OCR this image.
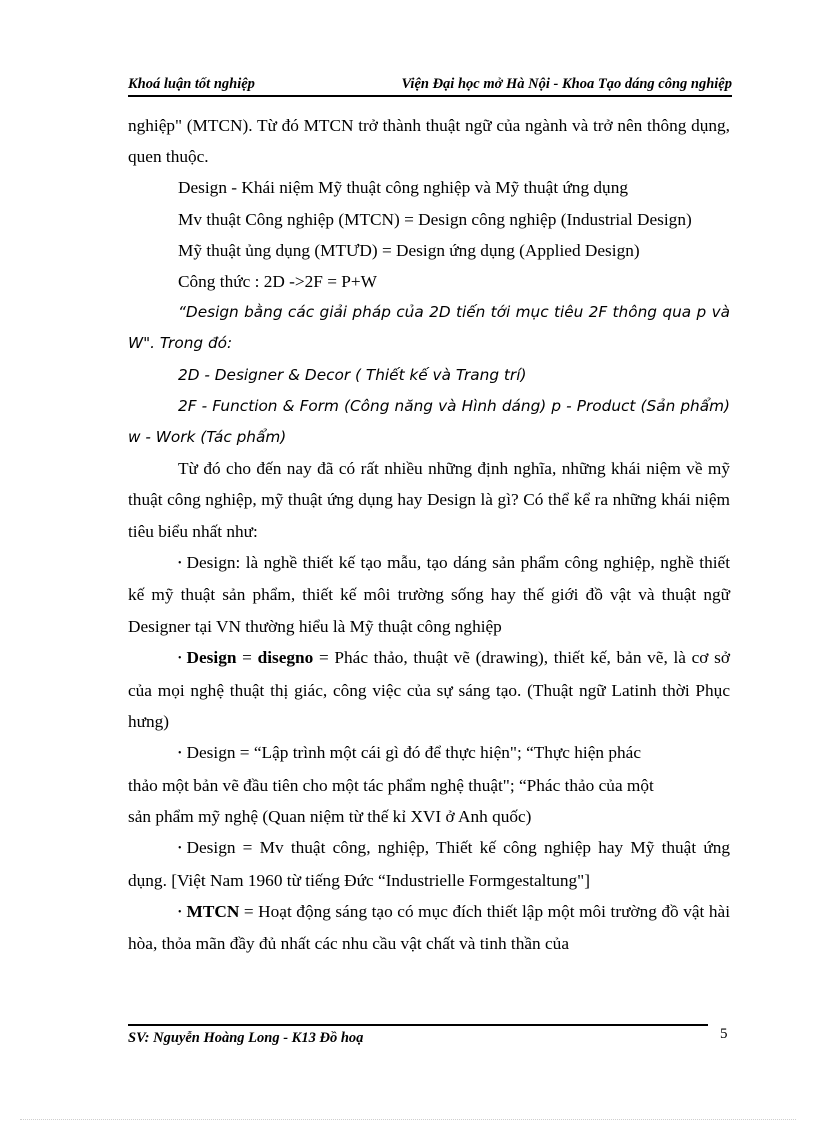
Khoá luận tốt nghiệp	Viện Đại học mở Hà Nội - Khoa Tạo dáng công nghiệp

nghiệp" (MTCN). Từ đó MTCN trở thành thuật ngữ của ngành và trở nên thông dụng, quen thuộc.

Design - Khái niệm Mỹ thuật công nghiệp và Mỹ thuật ứng dụng

Mv thuật Công nghiệp (MTCN) = Design công nghiệp (Industrial Design)

Mỹ thuật ủng dụng (MTƯD) = Design ứng dụng (Applied Design)

Công thức : 2D ->2F = P+W

“Design bằng các giải pháp của 2D tiến tới mục tiêu 2F thông qua p và W". Trong đó:

2D - Designer & Decor ( Thiết kế và Trang trí)

2F - Function & Form (Công năng và Hình dáng) p - Product (Sản phẩm) w - Work (Tác phẩm)

Từ đó cho đến nay đã có rất nhiều những định nghĩa, những khái niệm về mỹ thuật công nghiệp, mỹ thuật ứng dụng hay Design là gì? Có thể kể ra những khái niệm tiêu biểu nhất như:

• Design: là nghề thiết kế tạo mẫu, tạo dáng sản phẩm công nghiệp, nghề thiết kế mỹ thuật sản phẩm, thiết kế môi trường sống hay thế giới đồ vật và thuật ngữ Designer tại VN thường hiểu là Mỹ thuật công nghiệp

• Design = disegno = Phác thảo, thuật vẽ (drawing), thiết kế, bản vẽ, là cơ sở của mọi nghệ thuật thị giác, công việc của sự sáng tạo. (Thuật ngữ Latinh thời Phục hưng)

• Design = “Lập trình một cái gì đó để thực hiện"; “Thực hiện phác
thảo một bản vẽ đầu tiên cho một tác phẩm nghệ thuật"; “Phác thảo của một
sản phẩm mỹ nghệ (Quan niệm từ thế kỉ XVI ở Anh quốc)

• Design = Mv thuật công, nghiệp, Thiết kế công nghiệp hay Mỹ thuật ứng dụng. [Việt Nam 1960 từ tiếng Đức “Industrielle Formgestaltung"]

• MTCN = Hoạt động sáng tạo có mục đích thiết lập một môi trường đồ vật hài hòa, thỏa mãn đầy đủ nhất các nhu cầu vật chất và tinh thần của

SV: Nguyễn Hoàng Long - K13 Đồ hoạ	5
